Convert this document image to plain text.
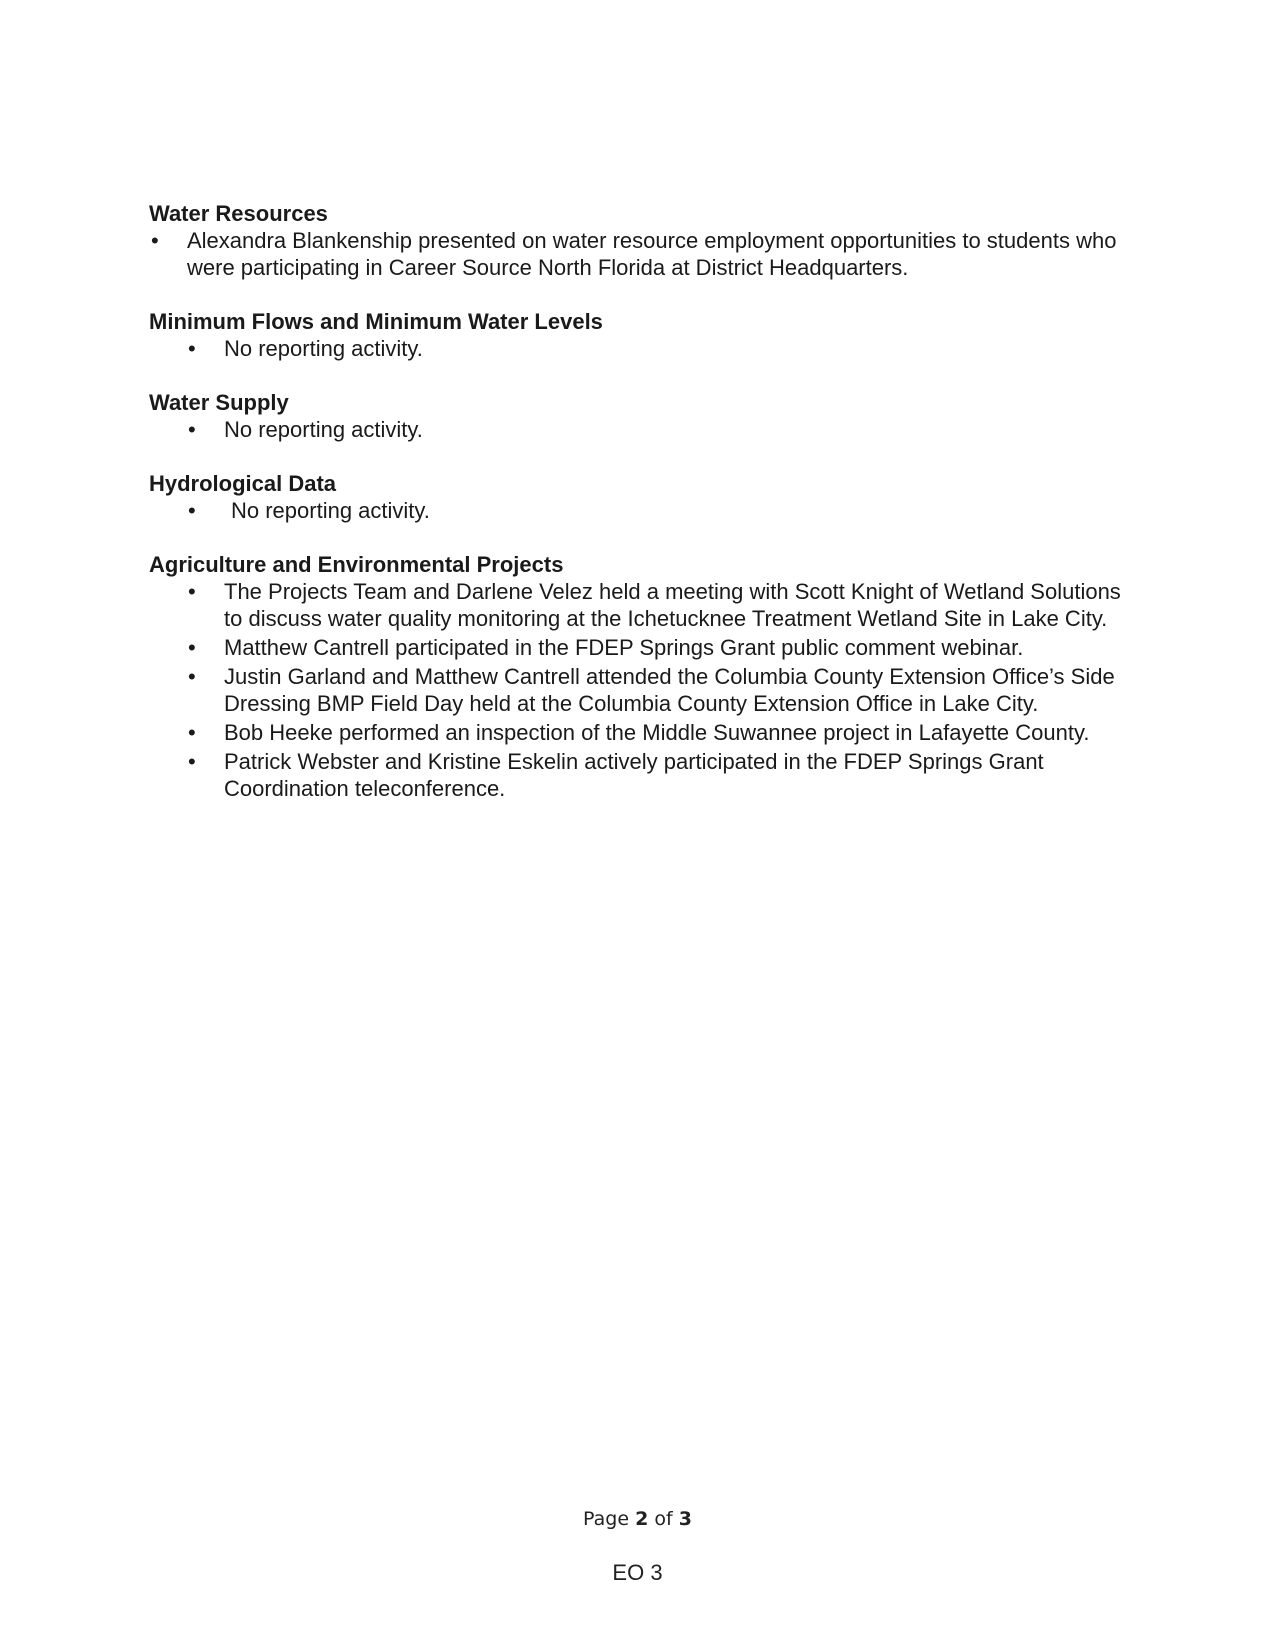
Water Resources

• Alexandra Blankenship presented on water resource employment opportunities to students who were participating in Career Source North Florida at District Headquarters.

Minimum Flows and Minimum Water Levels

• No reporting activity.

Water Supply

• No reporting activity.

Hydrological Data

• No reporting activity.

Agriculture and Environmental Projects

• The Projects Team and Darlene Velez held a meeting with Scott Knight of Wetland Solutions to discuss water quality monitoring at the Ichetucknee Treatment Wetland Site in Lake City.
• Matthew Cantrell participated in the FDEP Springs Grant public comment webinar.
• Justin Garland and Matthew Cantrell attended the Columbia County Extension Office’s Side Dressing BMP Field Day held at the Columbia County Extension Office in Lake City.
• Bob Heeke performed an inspection of the Middle Suwannee project in Lafayette County.
• Patrick Webster and Kristine Eskelin actively participated in the FDEP Springs Grant Coordination teleconference.
Page 2 of 3
EO 3
